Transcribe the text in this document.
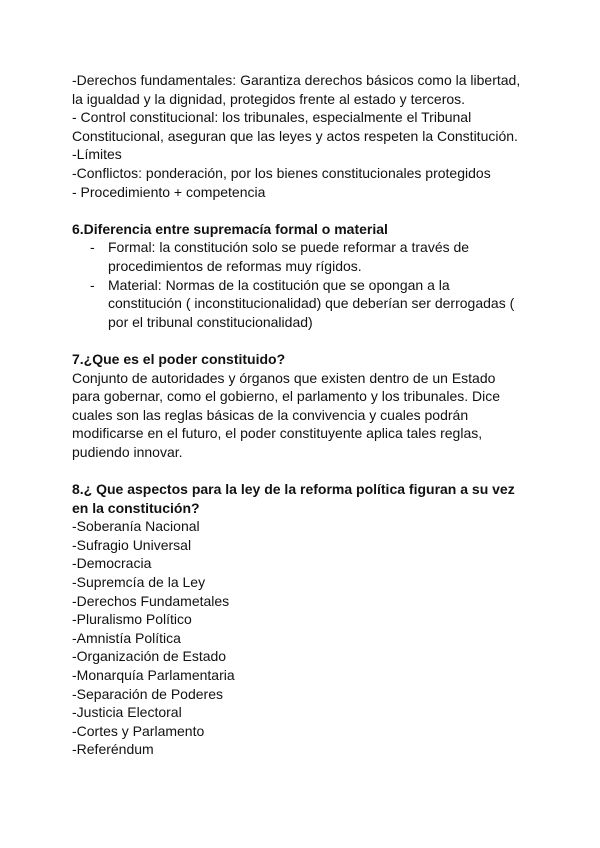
-Derechos fundamentales: Garantiza derechos básicos como la libertad,

la igualdad y la dignidad, protegidos frente al estado y terceros.

- Control constitucional: los tribunales, especialmente el Tribunal

Constitucional, aseguran que las leyes y actos respeten la Constitución.

-Límites

-Conflictos: ponderación, por los bienes constitucionales protegidos

- Procedimiento + competencia

6.Diferencia entre supremacía formal o material

- Formal: la constitución solo se puede reformar a través de
procedimientos de reformas muy rígidos.
- Material: Normas de la costitución que se opongan a la
constitución ( inconstitucionalidad) que deberían ser derrogadas (
por el tribunal constitucionalidad)

7.¿Que es el poder constituido?

Conjunto de autoridades y órganos que existen dentro de un Estado

para gobernar, como el gobierno, el parlamento y los tribunales. Dice

cuales son las reglas básicas de la convivencia y cuales podrán

modificarse en el futuro, el poder constituyente aplica tales reglas,

pudiendo innovar.

8.¿ Que aspectos para la ley de la reforma política figuran a su vez

en la constitución?

-Soberanía Nacional

-Sufragio Universal

-Democracia

-Supremcía de la Ley

-Derechos Fundametales

-Pluralismo Político

-Amnistía Política

-Organización de Estado

-Monarquía Parlamentaria

-Separación de Poderes

-Justicia Electoral

-Cortes y Parlamento

-Referéndum
